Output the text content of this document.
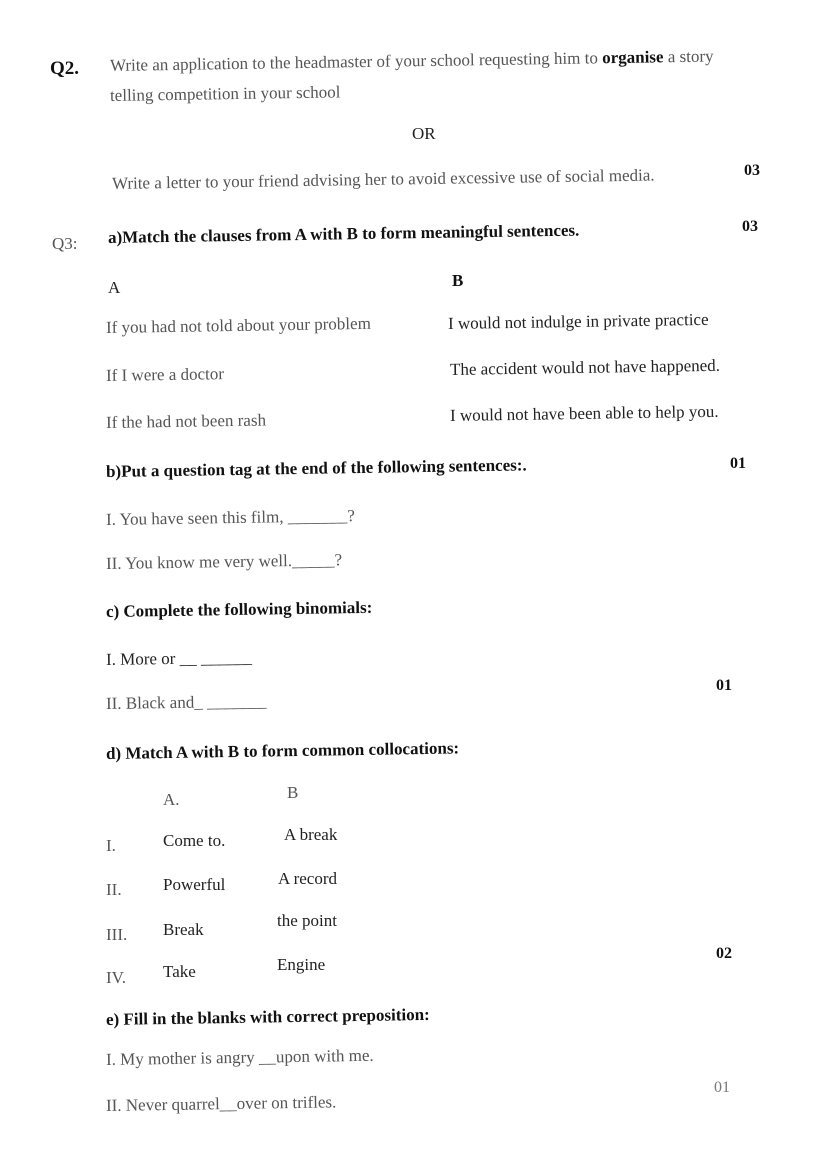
Q2. Write an application to the headmaster of your school requesting him to organise a story
telling competition in your school
OR
Write a letter to your friend advising her to avoid excessive use of social media.	03
Q3: a)Match the clauses from A with B to form meaningful sentences.	03
A	B
If you had not told about your problem	I would not indulge in private practice
If I were a doctor	The accident would not have happened.
If the had not been rash	I would not have been able to help you.
b)Put a question tag at the end of the following sentences:.	01
I. You have seen this film, _______?
II. You know me very well._____?
c) Complete the following binomials:
I. More or __ ______
II. Black and_ _______
01
d) Match A with B to form common collocations:
A.	B
I.	Come to.	A break
II. Powerful	A record
III. Break	the point
IV. Take	Engine
02
e) Fill in the blanks with correct preposition:
I. My mother is angry __upon with me.
II. Never quarrel__over on trifles.
01
